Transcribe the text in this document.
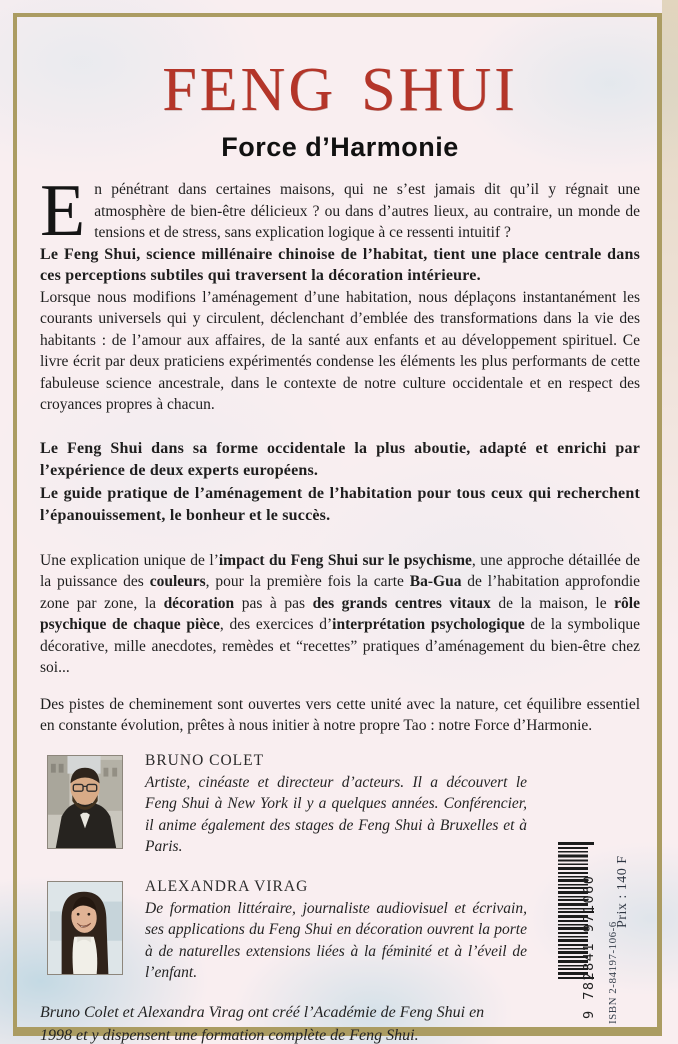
feng shui
Force d’Harmonie
En pénétrant dans certaines maisons, qui ne s’est jamais dit qu’il y régnait une atmosphère de bien-être délicieux ? ou dans d’autres lieux, au contraire, un monde de tensions et de stress, sans explication logique à ce ressenti intuitif ?
Le Feng Shui, science millénaire chinoise de l’habitat, tient une place centrale dans ces perceptions subtiles qui traversent la décoration intérieure.
Lorsque nous modifions l’aménagement d’une habitation, nous déplaçons instantanément les courants universels qui y circulent, déclenchant d’emblée des transformations dans la vie des habitants : de l’amour aux affaires, de la santé aux enfants et au développement spirituel. Ce livre écrit par deux praticiens expérimentés condense les éléments les plus performants de cette fabuleuse science ancestrale, dans le contexte de notre culture occidentale et en respect des croyances propres à chacun.
Le Feng Shui dans sa forme occidentale la plus aboutie, adapté et enrichi par l’expérience de deux experts européens.
Le guide pratique de l’aménagement de l’habitation pour tous ceux qui recherchent l’épanouissement, le bonheur et le succès.
Une explication unique de l’impact du Feng Shui sur le psychisme, une approche détaillée de la puissance des couleurs, pour la première fois la carte Ba-Gua de l’habitation approfondie zone par zone, la décoration pas à pas des grands centres vitaux de la maison, le rôle psychique de chaque pièce, des exercices d’interprétation psychologique de la symbolique décorative, mille anecdotes, remèdes et “recettes” pratiques d’aménagement du bien-être chez soi...
Des pistes de cheminement sont ouvertes vers cette unité avec la nature, cet équilibre essentiel en constante évolution, prêtes à nous initier à notre propre Tao : notre Force d’Harmonie.
BRUNO COLET
Artiste, cinéaste et directeur d’acteurs. Il a découvert le Feng Shui à New York il y a quelques années. Conférencier, il anime également des stages de Feng Shui à Bruxelles et à Paris.
ALEXANDRA VIRAG
De formation littéraire, journaliste audiovisuel et écrivain, ses applications du Feng Shui en décoration ouvrent la porte à de naturelles extensions liées à la féminité et à l’éveil de l’enfant.
Bruno Colet et Alexandra Virag ont créé l’Académie de Feng Shui en 1998 et y dispensent une formation complète de Feng Shui.
9 782841 971060 ISBN 2-84197-106-6
Prix : 140 F
